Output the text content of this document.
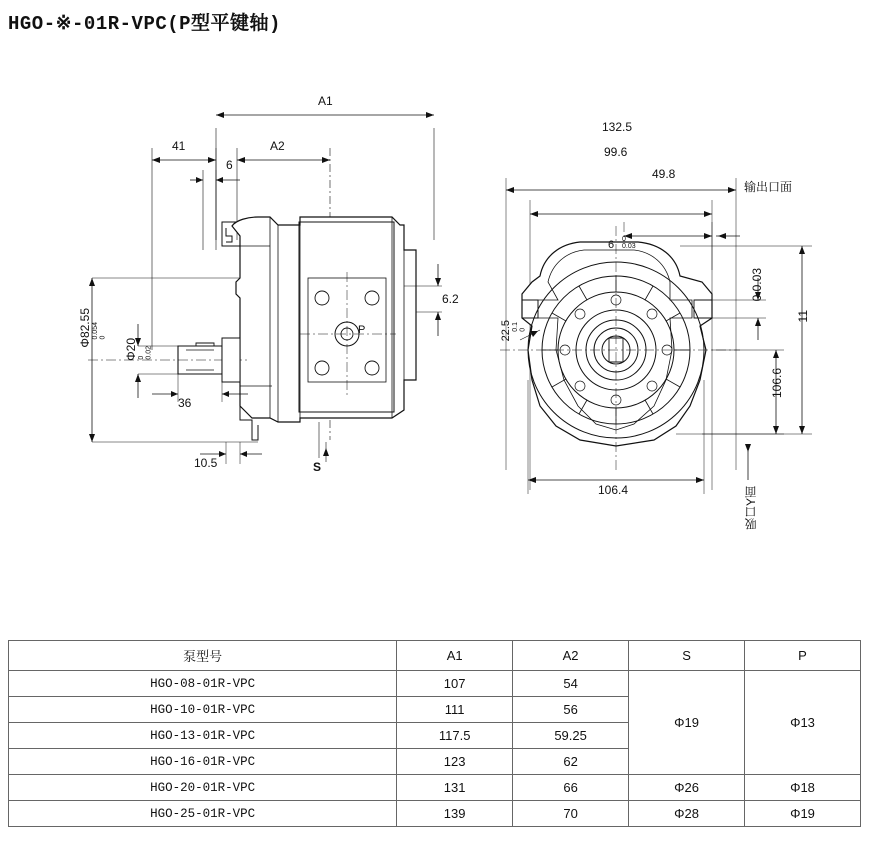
HGO-※-01R-VPC(P型平键轴)
A1
A2
41
6
6.2
36
10.5
Φ82.55 0.054 0
Φ20 0 0.02
S
P
132.5
99.6
49.8
6 0
0.03
0 0.03
11
106.6
106.4
22.5 0.1 0
输出口面
吸口Y面
泵型号	A1	A2	S	P
HGO-08-01R-VPC	107	54	Φ19	Φ13
HGO-10-01R-VPC	111	56		
HGO-13-01R-VPC	117.5	59.25		
HGO-16-01R-VPC	123	62		
HGO-20-01R-VPC	131	66	Φ26	Φ18
HGO-25-01R-VPC	139	70	Φ28	Φ19
